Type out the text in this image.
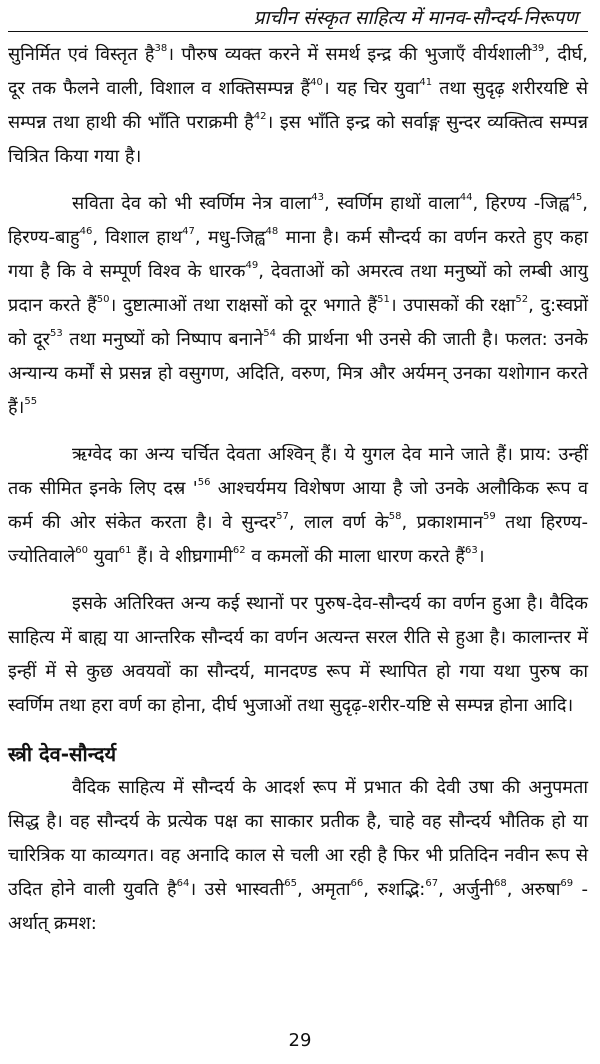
प्राचीन संस्कृत साहित्य में मानव-सौन्दर्य-निरूपण

सुनिर्मित एवं विस्तृत है$^{38}$। पौरुष व्यक्त करने में समर्थ इन्द्र की भुजाएँ वीर्यशाली$^{39}$, दीर्घ, दूर तक फैलने वाली, विशाल व शक्तिसम्पन्न हैं$^{40}$। यह चिर युवा$^{41}$ तथा सुदृढ़ शरीरयष्टि से सम्पन्न तथा हाथी की भाँति पराक्रमी है$^{42}$। इस भाँति इन्द्र को सर्वाङ्ग सुन्दर व्यक्तित्व सम्पन्न चित्रित किया गया है।

सविता देव को भी स्वर्णिम नेत्र वाला$^{43}$, स्वर्णिम हाथों वाला$^{44}$, हिरण्य -जिह्व$^{45}$, हिरण्य-बाहु$^{46}$, विशाल हाथ$^{47}$, मधु-जिह्व$^{48}$ माना है। कर्म सौन्दर्य का वर्णन करते हुए कहा गया है कि वे सम्पूर्ण विश्व के धारक$^{49}$, देवताओं को अमरत्व तथा मनुष्यों को लम्बी आयु प्रदान करते हैं$^{50}$। दुष्टात्माओं तथा राक्षसों को दूर भगाते हैं$^{51}$। उपासकों की रक्षा$^{52}$, दु:स्वप्नों को दूर$^{53}$ तथा मनुष्यों को निष्पाप बनाने$^{54}$ की प्रार्थना भी उनसे की जाती है। फलत: उनके अन्यान्य कर्मों से प्रसन्न हो वसुगण, अदिति, वरुण, मित्र और अर्यमन् उनका यशोगान करते हैं।$^{55}$

ऋग्वेद का अन्य चर्चित देवता अश्विन् हैं। ये युगल देव माने जाते हैं। प्राय: उन्हीं तक सीमित इनके लिए दस्र '$^{56}$ आश्चर्यमय विशेषण आया है जो उनके अलौकिक रूप व कर्म की ओर संकेत करता है। वे सुन्दर$^{57}$, लाल वर्ण के$^{58}$, प्रकाशमान$^{59}$ तथा हिरण्य-ज्योतिवाले$^{60}$ युवा$^{61}$ हैं। वे शीघ्रगामी$^{62}$ व कमलों की माला धारण करते हैं$^{63}$।

इसके अतिरिक्त अन्य कई स्थानों पर पुरुष-देव-सौन्दर्य का वर्णन हुआ है। वैदिक साहित्य में बाह्य या आन्तरिक सौन्दर्य का वर्णन अत्यन्त सरल रीति से हुआ है। कालान्तर में इन्हीं में से कुछ अवयवों का सौन्दर्य, मानदण्ड रूप में स्थापित हो गया यथा पुरुष का स्वर्णिम तथा हरा वर्ण का होना, दीर्घ भुजाओं तथा सुदृढ़-शरीर-यष्टि से सम्पन्न होना आदि।

स्त्री देव-सौन्दर्य

वैदिक साहित्य में सौन्दर्य के आदर्श रूप में प्रभात की देवी उषा की अनुपमता सिद्ध है। वह सौन्दर्य के प्रत्येक पक्ष का साकार प्रतीक है, चाहे वह सौन्दर्य भौतिक हो या चारित्रिक या काव्यगत। वह अनादि काल से चली आ रही है फिर भी प्रतिदिन नवीन रूप से उदित होने वाली युवति है$^{64}$। उसे भास्वती$^{65}$, अमृता$^{66}$, रुशद्भि:$^{67}$, अर्जुनी$^{68}$, अरुषा$^{69}$ - अर्थात् क्रमश:

29
